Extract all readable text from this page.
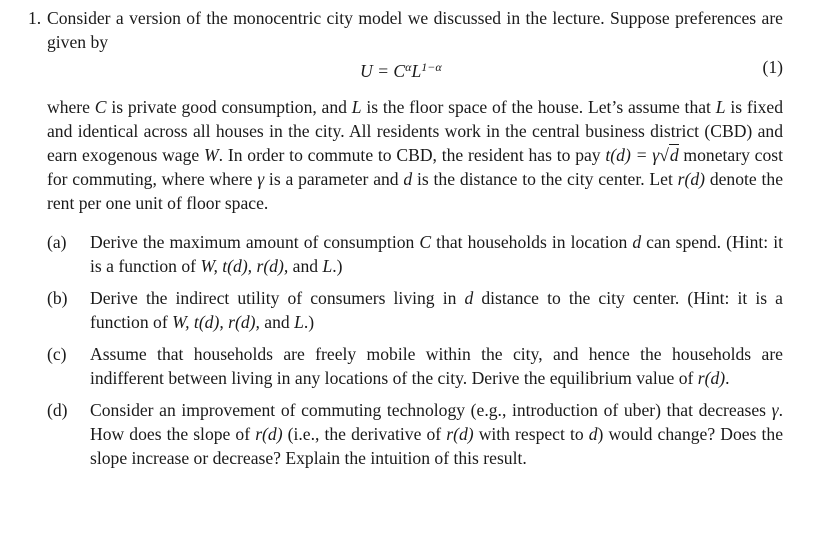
1. Consider a version of the monocentric city model we discussed in the lecture. Suppose preferences are given by

$U = C^\alpha L^{1-\alpha}$	(1)

where C is private good consumption, and L is the floor space of the house. Let’s assume that L is fixed and identical across all houses in the city. All residents work in the central business district (CBD) and earn exogenous wage W. In order to commute to CBD, the resident has to pay t(d) = γ√d monetary cost for commuting, where where γ is a parameter and d is the distance to the city center. Let r(d) denote the rent per one unit of floor space.

(a) Derive the maximum amount of consumption C that households in location d can spend. (Hint: it is a function of W, t(d), r(d), and L.)

(b) Derive the indirect utility of consumers living in d distance to the city center. (Hint: it is a function of W, t(d), r(d), and L.)

(c) Assume that households are freely mobile within the city, and hence the households are indifferent between living in any locations of the city. Derive the equilibrium value of r(d).

(d) Consider an improvement of commuting technology (e.g., introduction of uber) that decreases γ. How does the slope of r(d) (i.e., the derivative of r(d) with respect to d) would change? Does the slope increase or decrease? Explain the intuition of this result.
